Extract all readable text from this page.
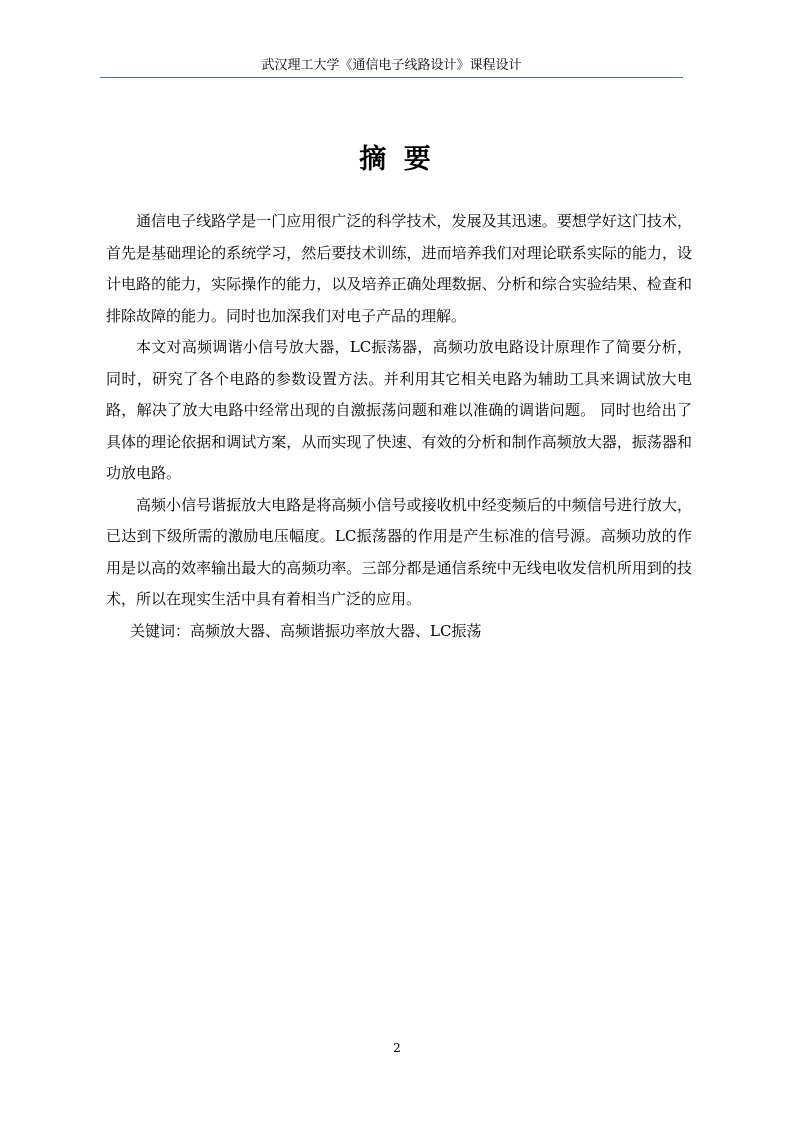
武汉理工大学《通信电子线路设计》课程设计
摘 要

通信电子线路学是一门应用很广泛的科学技术，发展及其迅速。要想学好这门技术，首先是基础理论的系统学习，然后要技术训练，进而培养我们对理论联系实际的能力，设计电路的能力，实际操作的能力，以及培养正确处理数据、分析和综合实验结果、检查和排除故障的能力。同时也加深我们对电子产品的理解。

本文对高频调谐小信号放大器，LC振荡器，高频功放电路设计原理作了简要分析，同时，研究了各个电路的参数设置方法。并利用其它相关电路为辅助工具来调试放大电路，解决了放大电路中经常出现的自激振荡问题和难以准确的调谐问题。 同时也给出了具体的理论依据和调试方案，从而实现了快速、有效的分析和制作高频放大器，振荡器和功放电路。

高频小信号谐振放大电路是将高频小信号或接收机中经变频后的中频信号进行放大，已达到下级所需的激励电压幅度。LC振荡器的作用是产生标准的信号源。高频功放的作用是以高的效率输出最大的高频功率。三部分都是通信系统中无线电收发信机所用到的技术，所以在现实生活中具有着相当广泛的应用。

关键词：高频放大器、高频谐振功率放大器、LC振荡

2
